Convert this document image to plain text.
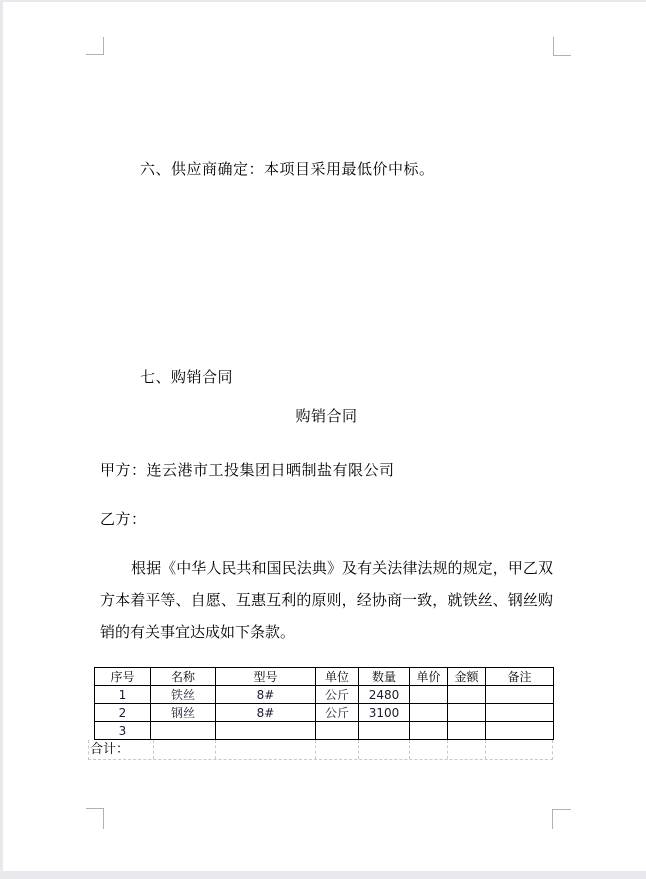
六、供应商确定：本项目采用最低价中标。
七、购销合同
购销合同
甲方：连云港市工投集团日晒制盐有限公司
乙方：
根据《中华人民共和国民法典》及有关法律法规的规定，甲乙双方本着平等、自愿、互惠互利的原则，经协商一致，就铁丝、钢丝购销的有关事宜达成如下条款。
序号	名称	型号	单位	数量	单价	金额	备注
1	铁丝	8#	公斤	2480			
2	钢丝	8#	公斤	3100			
3							
合计：
